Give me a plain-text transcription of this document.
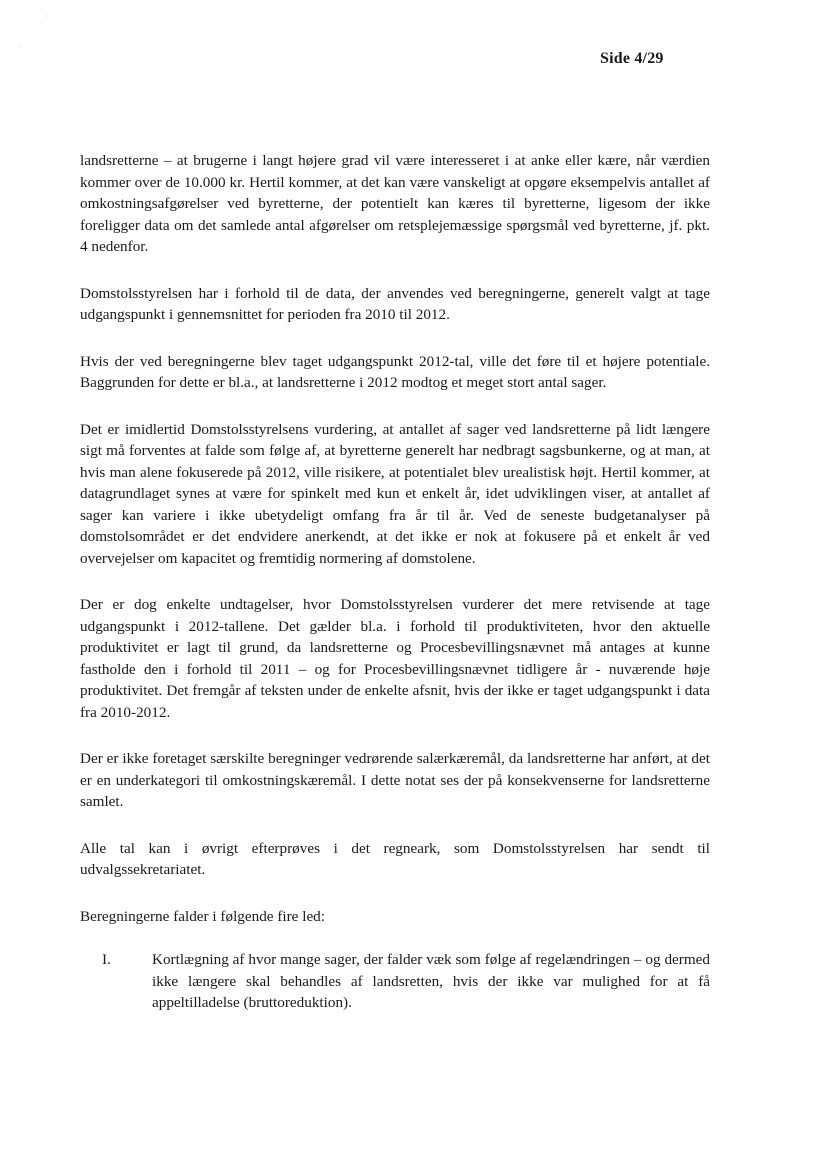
·
·
Side 4/29

landsretterne – at brugerne i langt højere grad vil være interesseret i at anke eller kære, når værdien kommer over de 10.000 kr. Hertil kommer, at det kan være vanskeligt at opgøre eksempelvis antallet af omkostningsafgørelser ved byretterne, der potentielt kan kæres til byretterne, ligesom der ikke foreligger data om det samlede antal afgørelser om retsplejemæssige spørgsmål ved byretterne, jf. pkt. 4 nedenfor.

Domstolsstyrelsen har i forhold til de data, der anvendes ved beregningerne, generelt valgt at tage udgangspunkt i gennemsnittet for perioden fra 2010 til 2012.

Hvis der ved beregningerne blev taget udgangspunkt 2012-tal, ville det føre til et højere potentiale. Baggrunden for dette er bl.a., at landsretterne i 2012 modtog et meget stort antal sager.

Det er imidlertid Domstolsstyrelsens vurdering, at antallet af sager ved landsretterne på lidt længere sigt må forventes at falde som følge af, at byretterne generelt har nedbragt sagsbunkerne, og at man, at hvis man alene fokuserede på 2012, ville risikere, at potentialet blev urealistisk højt. Hertil kommer, at datagrundlaget synes at være for spinkelt med kun et enkelt år, idet udviklingen viser, at antallet af sager kan variere i ikke ubetydeligt omfang fra år til år. Ved de seneste budgetanalyser på domstolsområdet er det endvidere anerkendt, at det ikke er nok at fokusere på et enkelt år ved overvejelser om kapacitet og fremtidig normering af domstolene.

Der er dog enkelte undtagelser, hvor Domstolsstyrelsen vurderer det mere retvisende at tage udgangspunkt i 2012-tallene. Det gælder bl.a. i forhold til produktiviteten, hvor den aktuelle produktivitet er lagt til grund, da landsretterne og Procesbevillingsnævnet må antages at kunne fastholde den i forhold til 2011 – og for Procesbevillingsnævnet tidligere år - nuværende høje produktivitet. Det fremgår af teksten under de enkelte afsnit, hvis der ikke er taget udgangspunkt i data fra 2010-2012.

Der er ikke foretaget særskilte beregninger vedrørende salærkæremål, da landsretterne har anført, at det er en underkategori til omkostningskæremål. I dette notat ses der på konsekvenserne for landsretterne samlet.

Alle tal kan i øvrigt efterprøves i det regneark, som Domstolsstyrelsen har sendt til udvalgssekretariatet.

Beregningerne falder i følgende fire led:

I.	Kortlægning af hvor mange sager, der falder væk som følge af regelændringen – og dermed ikke længere skal behandles af landsretten, hvis der ikke var mulighed for at få appeltilladelse (bruttoreduktion).
